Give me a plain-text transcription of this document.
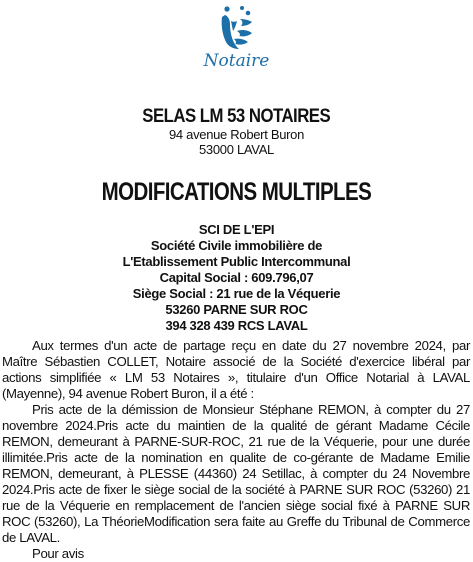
Notaire
SELAS LM 53 NOTAIRES
94 avenue Robert Buron
53000 LAVAL
MODIFICATIONS MULTIPLES
SCI DE L'EPI
Société Civile immobilière de
L'Etablissement Public Intercommunal
Capital Social : 609.796,07
Siège Social : 21 rue de la Véquerie
53260 PARNE SUR ROC
394 328 439 RCS LAVAL

Aux termes d'un acte de partage reçu en date du 27 novembre 2024, par Maître Sébastien COLLET, Notaire associé de la Société d'exercice libéral par actions simplifiée « LM 53 Notaires », titulaire d'un Office Notarial à LAVAL (Mayenne), 94 avenue Robert Buron, il a été :

Pris acte de la démission de Monsieur Stéphane REMON, à compter du 27 novembre 2024.Pris acte du maintien de la qualité de gérant Madame Cécile REMON, demeurant à PARNE-SUR-ROC, 21 rue de la Véquerie, pour une durée illimitée.Pris acte de la nomination en qualite de co-gérante de Madame Emilie REMON, demeurant, à PLESSE (44360) 24 Setillac, à compter du 24 Novembre 2024.Pris acte de fixer le siège social de la société à PARNE SUR ROC (53260) 21 rue de la Véquerie en remplacement de l'ancien siège social fixé à PARNE SUR ROC (53260), La ThéorieModification sera faite au Greffe du Tribunal de Commerce de LAVAL.

Pour avis
